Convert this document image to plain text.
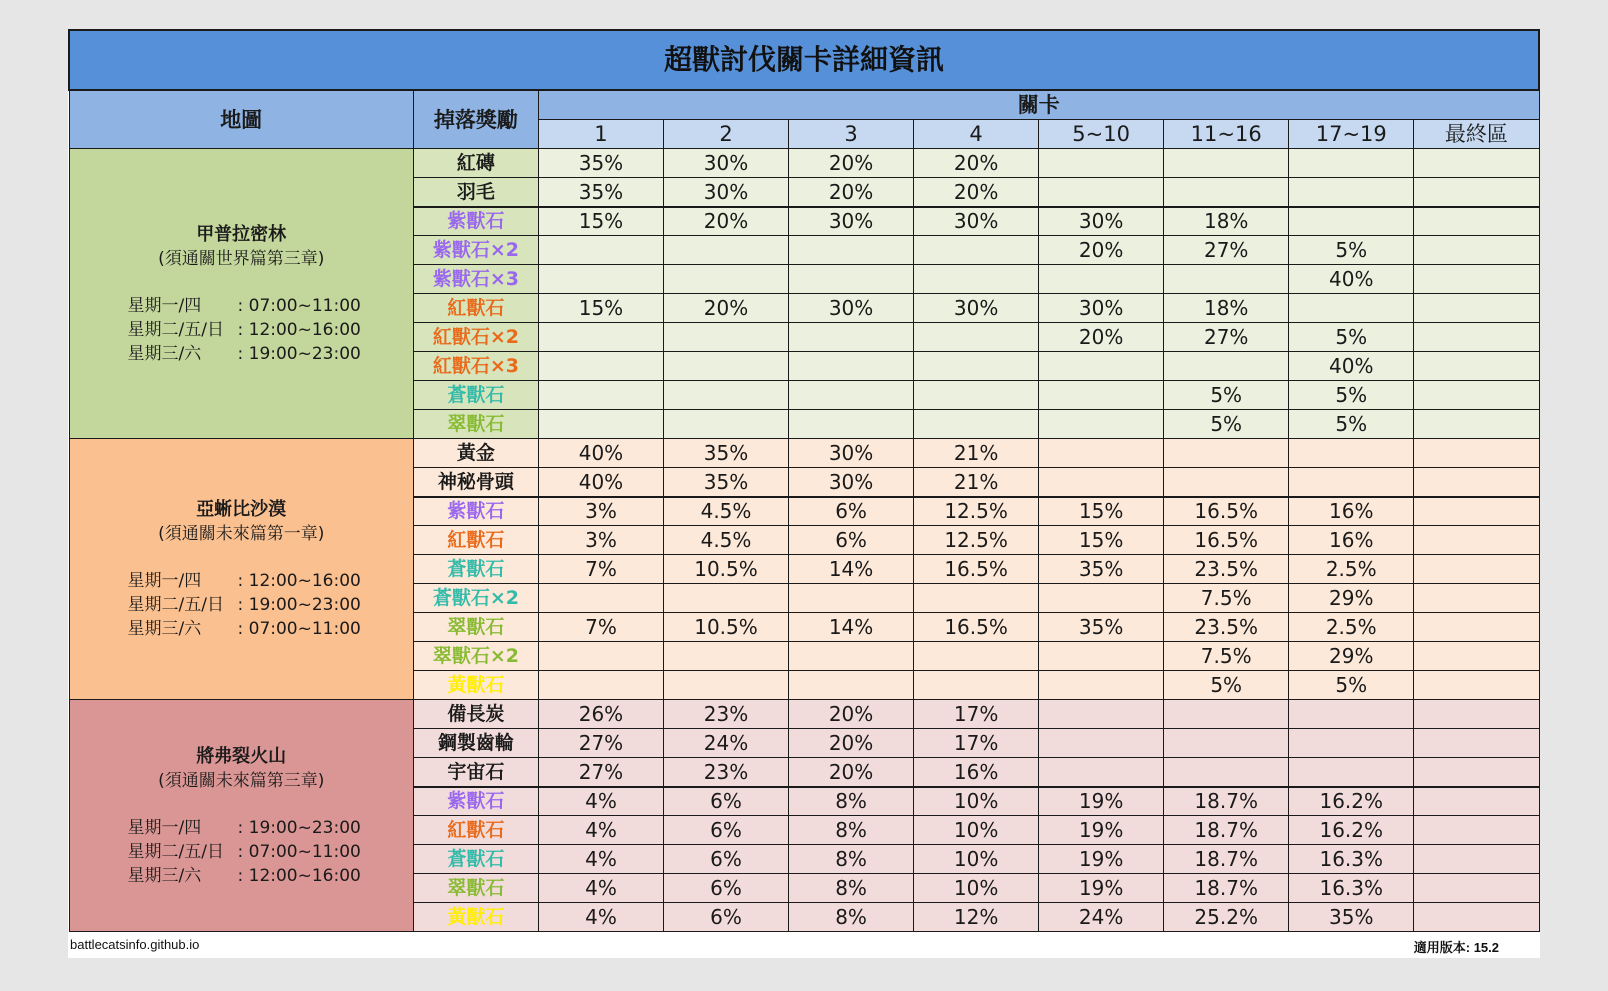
超獸討伐關卡詳細資訊									
地圖	掉落獎勵	關卡							
		1	2	3	4	5~10	11~16	17~19	最終區

甲普拉密林
(須通關世界篇第三章)
星期一/四 : 07:00~11:00
星期二/五/日 : 12:00~16:00
星期三/六 : 19:00~23:00	紅磚	35%	30%	20%	20%				
	羽毛	35%	30%	20%	20%				
	紫獸石	15%	20%	30%	30%	30%	18%		
	紫獸石×2					20%	27%	5%	
	紫獸石×3							40%	
	紅獸石	15%	20%	30%	30%	30%	18%		
	紅獸石×2					20%	27%	5%	
	紅獸石×3							40%	
	蒼獸石						5%	5%	
	翠獸石						5%	5%	

亞蜥比沙漠
(須通關未來篇第一章)
星期一/四 : 12:00~16:00
星期二/五/日 : 19:00~23:00
星期三/六 : 07:00~11:00	黃金	40%	35%	30%	21%				
	神秘骨頭	40%	35%	30%	21%				
	紫獸石	3%	4.5%	6%	12.5%	15%	16.5%	16%	
	紅獸石	3%	4.5%	6%	12.5%	15%	16.5%	16%	
	蒼獸石	7%	10.5%	14%	16.5%	35%	23.5%	2.5%	
	蒼獸石×2						7.5%	29%	
	翠獸石	7%	10.5%	14%	16.5%	35%	23.5%	2.5%	
	翠獸石×2						7.5%	29%	
	黃獸石						5%	5%	

將弗裂火山
(須通關未來篇第三章)
星期一/四 : 19:00~23:00
星期二/五/日 : 07:00~11:00
星期三/六 : 12:00~16:00	備長炭	26%	23%	20%	17%				
	鋼製齒輪	27%	24%	20%	17%				
	宇宙石	27%	23%	20%	16%				
	紫獸石	4%	6%	8%	10%	19%	18.7%	16.2%	
	紅獸石	4%	6%	8%	10%	19%	18.7%	16.2%	
	蒼獸石	4%	6%	8%	10%	19%	18.7%	16.3%	
	翠獸石	4%	6%	8%	10%	19%	18.7%	16.3%	
	黃獸石	4%	6%	8%	12%	24%	25.2%	35%	
battlecatsinfo.github.io	適用版本: 15.2
